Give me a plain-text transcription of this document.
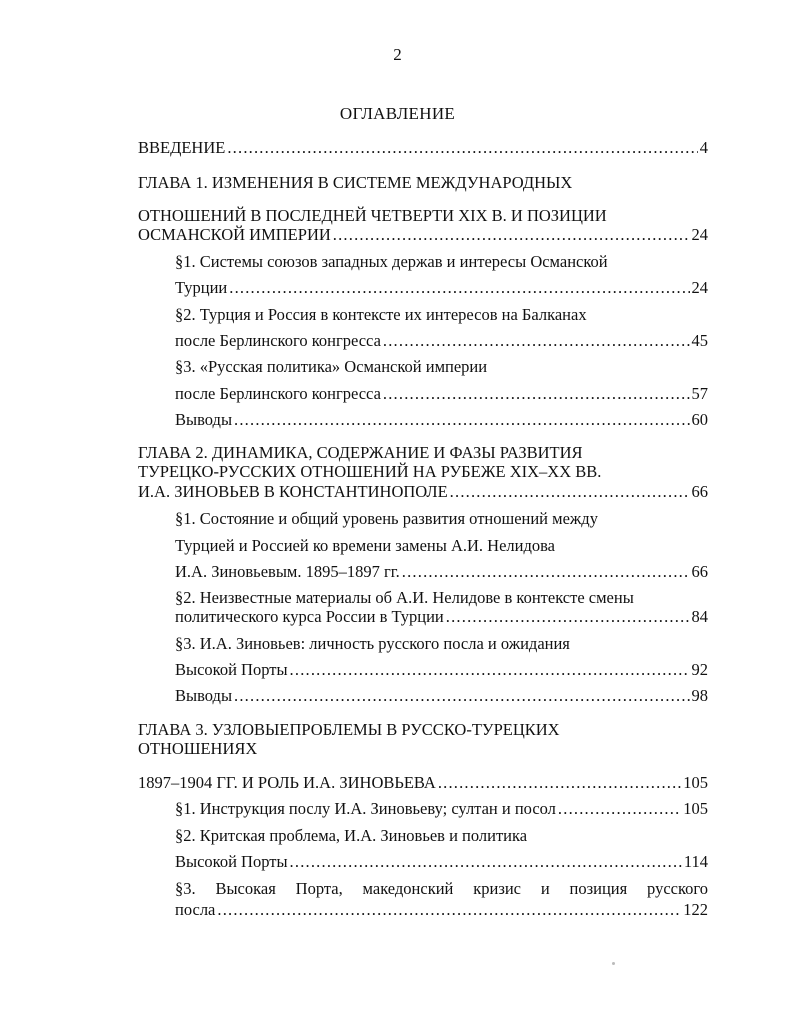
2
ОГЛАВЛЕНИЕ
ВВЕДЕНИЕ .....	4
ГЛАВА 1. ИЗМЕНЕНИЯ В СИСТЕМЕ МЕЖДУНАРОДНЫХ
ОТНОШЕНИЙ В ПОСЛЕДНЕЙ ЧЕТВЕРТИ XIX В. И ПОЗИЦИИ
ОСМАНСКОЙ ИМПЕРИИ .....	24
§1. Системы союзов западных держав и интересы Османской
Турции .....	24
§2. Турция и Россия в контексте их интересов на Балканах
после Берлинского конгресса .....	45
§3. «Русская политика» Османской империи
после Берлинского конгресса .....	57
Выводы .....	60
ГЛАВА 2. ДИНАМИКА, СОДЕРЖАНИЕ И ФАЗЫ РАЗВИТИЯ
ТУРЕЦКО-РУССКИХ ОТНОШЕНИЙ НА РУБЕЖЕ XIX–XX ВВ.
И.А. ЗИНОВЬЕВ В КОНСТАНТИНОПОЛЕ .....	66
§1. Состояние и общий уровень развития отношений между
Турцией и Россией ко времени замены А.И. Нелидова
И.А. Зиновьевым. 1895–1897 гг. .....	66
§2. Неизвестные материалы об А.И. Нелидове в контексте смены
политического курса России в Турции .....	84
§3. И.А. Зиновьев: личность русского посла и ожидания
Высокой Порты .....	92
Выводы .....	98
ГЛАВА 3. УЗЛОВЫЕПРОБЛЕМЫ В РУССКО-ТУРЕЦКИХ
ОТНОШЕНИЯХ
1897–1904 ГГ. И РОЛЬ И.А. ЗИНОВЬЕВА .....	105
§1. Инструкция послу И.А. Зиновьеву; султан и посол .....	105
§2. Критская проблема, И.А. Зиновьев и политика
Высокой Порты .....	114
§3. Высокая Порта, македонский кризис и позиция русского
посла .....	122
